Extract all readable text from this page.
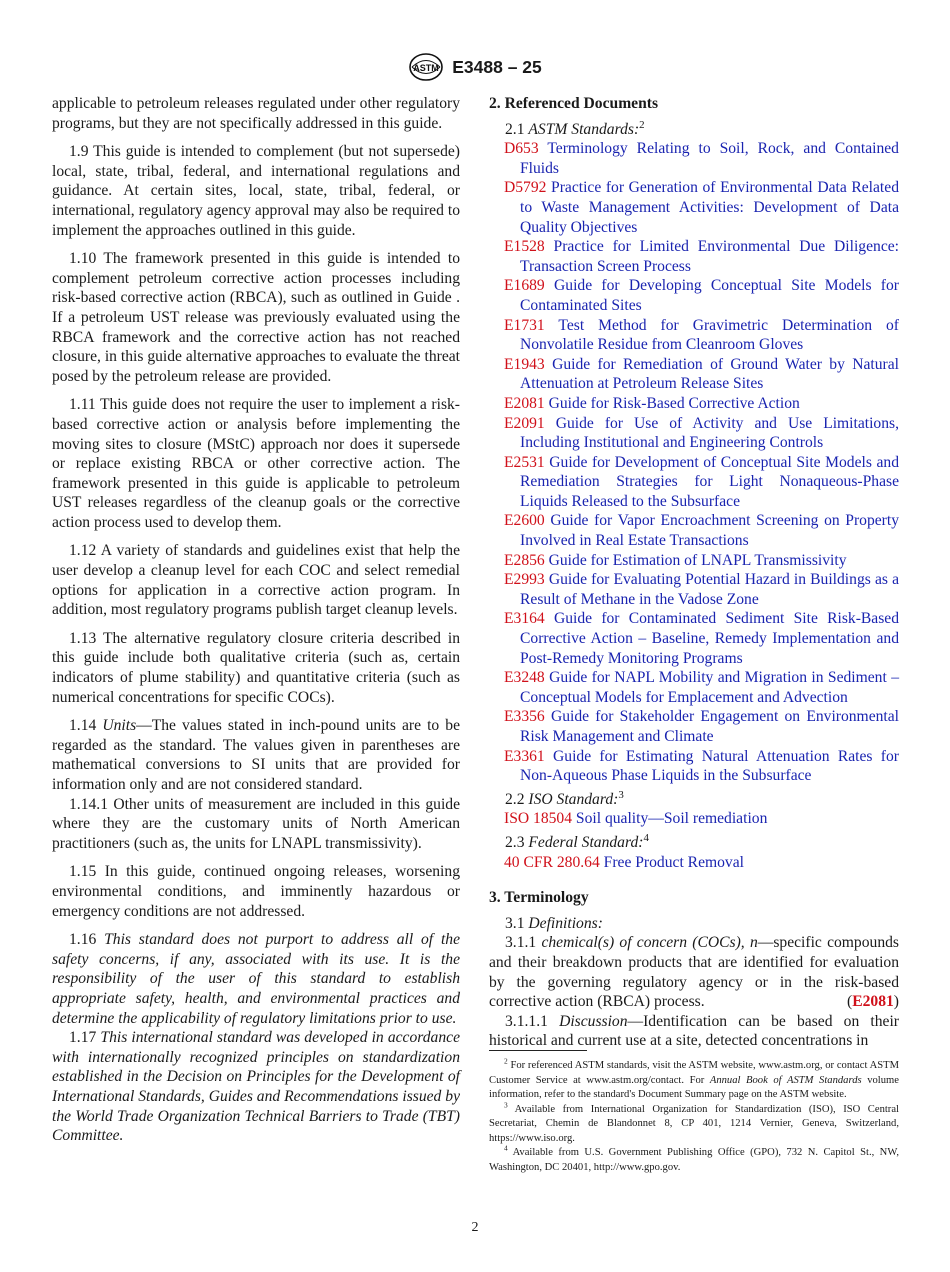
ASTM E3488 – 25

applicable to petroleum releases regulated under other regulatory programs, but they are not specifically addressed in this guide.

1.9 This guide is intended to complement (but not supersede) local, state, tribal, federal, and international regulations and guidance. At certain sites, local, state, tribal, federal, or international, regulatory agency approval may also be required to implement the approaches outlined in this guide.

1.10 The framework presented in this guide is intended to complement petroleum corrective action processes including risk-based corrective action (RBCA), such as outlined in Guide . If a petroleum UST release was previously evaluated using the RBCA framework and the corrective action has not reached closure, in this guide alternative approaches to evaluate the threat posed by the petroleum release are provided.

1.11 This guide does not require the user to implement a risk-based corrective action or analysis before implementing the moving sites to closure (MStC) approach nor does it supersede or replace existing RBCA or other corrective action. The framework presented in this guide is applicable to petroleum UST releases regardless of the cleanup goals or the corrective action process used to develop them.

1.12 A variety of standards and guidelines exist that help the user develop a cleanup level for each COC and select remedial options for application in a corrective action program. In addition, most regulatory programs publish target cleanup levels.

1.13 The alternative regulatory closure criteria described in this guide include both qualitative criteria (such as, certain indicators of plume stability) and quantitative criteria (such as numerical concentrations for specific COCs).

1.14 Units—The values stated in inch-pound units are to be regarded as the standard. The values given in parentheses are mathematical conversions to SI units that are provided for information only and are not considered standard.

1.14.1 Other units of measurement are included in this guide where they are the customary units of North American practitioners (such as, the units for LNAPL transmissivity).

1.15 In this guide, continued ongoing releases, worsening environmental conditions, and imminently hazardous or emergency conditions are not addressed.

1.16 This standard does not purport to address all of the safety concerns, if any, associated with its use. It is the responsibility of the user of this standard to establish appropriate safety, health, and environmental practices and determine the applicability of regulatory limitations prior to use.

1.17 This international standard was developed in accordance with internationally recognized principles on standardization established in the Decision on Principles for the Development of International Standards, Guides and Recommendations issued by the World Trade Organization Technical Barriers to Trade (TBT) Committee.

2. Referenced Documents

2.1 ASTM Standards:$^2$

D653 Terminology Relating to Soil, Rock, and Contained Fluids

D5792 Practice for Generation of Environmental Data Related to Waste Management Activities: Development of Data Quality Objectives

E1528 Practice for Limited Environmental Due Diligence: Transaction Screen Process

E1689 Guide for Developing Conceptual Site Models for Contaminated Sites

E1731 Test Method for Gravimetric Determination of Nonvolatile Residue from Cleanroom Gloves

E1943 Guide for Remediation of Ground Water by Natural Attenuation at Petroleum Release Sites

E2081 Guide for Risk-Based Corrective Action

E2091 Guide for Use of Activity and Use Limitations, Including Institutional and Engineering Controls

E2531 Guide for Development of Conceptual Site Models and Remediation Strategies for Light Nonaqueous-Phase Liquids Released to the Subsurface

E2600 Guide for Vapor Encroachment Screening on Property Involved in Real Estate Transactions

E2856 Guide for Estimation of LNAPL Transmissivity

E2993 Guide for Evaluating Potential Hazard in Buildings as a Result of Methane in the Vadose Zone

E3164 Guide for Contaminated Sediment Site Risk-Based Corrective Action – Baseline, Remedy Implementation and Post-Remedy Monitoring Programs

E3248 Guide for NAPL Mobility and Migration in Sediment – Conceptual Models for Emplacement and Advection

E3356 Guide for Stakeholder Engagement on Environmental Risk Management and Climate

E3361 Guide for Estimating Natural Attenuation Rates for Non-Aqueous Phase Liquids in the Subsurface

2.2 ISO Standard:$^3$

ISO 18504 Soil quality—Soil remediation

2.3 Federal Standard:$^4$

40 CFR 280.64 Free Product Removal

3. Terminology

3.1 Definitions:

3.1.1 chemical(s) of concern (COCs), n—specific compounds and their breakdown products that are identified for evaluation by the governing regulatory agency or in the risk-based corrective action (RBCA) process.	(E2081)

3.1.1.1 Discussion—Identification can be based on their historical and current use at a site, detected concentrations in

$^2$ For referenced ASTM standards, visit the ASTM website, www.astm.org, or contact ASTM Customer Service at www.astm.org/contact. For Annual Book of ASTM Standards volume information, refer to the standard's Document Summary page on the ASTM website.

$^3$ Available from International Organization for Standardization (ISO), ISO Central Secretariat, Chemin de Blandonnet 8, CP 401, 1214 Vernier, Geneva, Switzerland, https://www.iso.org.

$^4$ Available from U.S. Government Publishing Office (GPO), 732 N. Capitol St., NW, Washington, DC 20401, http://www.gpo.gov.

2
